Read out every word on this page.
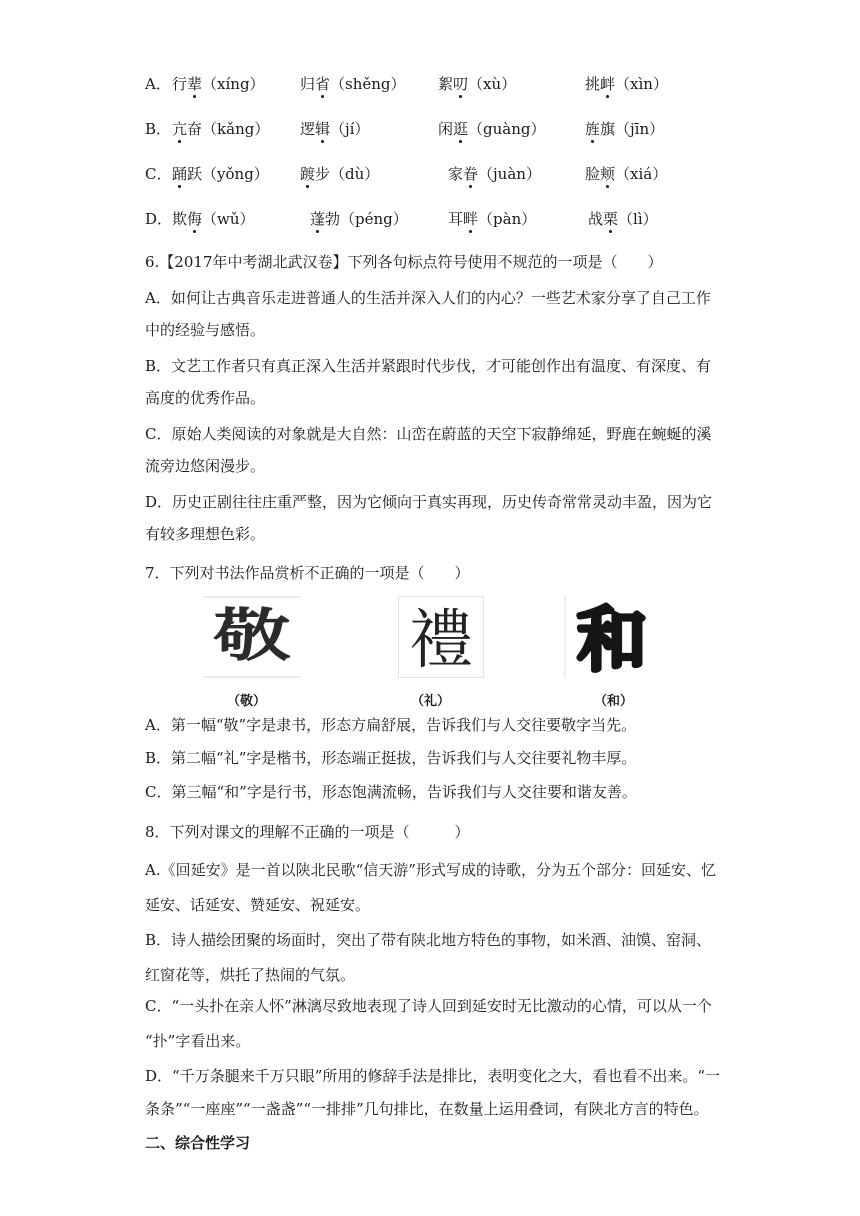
A． 行辈（xíng） 归省（shěng） 絮叨（xù）	挑衅（xìn）
B． 亢奋（kǎng） 逻辑（jí）	闲逛（guàng）	旌旗（jīn）
C． 踊跃（yǒng） 踱步（dù）	家眷（juàn）	脸颊（xiá）
D． 欺侮（wǔ）	蓬勃（péng）	耳畔（pàn）	战栗（lì）
6.【2017年中考湖北武汉卷】下列各句标点符号使用不规范的一项是（　　）
A．如何让古典音乐走进普通人的生活并深入人们的内心？一些艺术家分享了自己工作
中的经验与感悟。
B．文艺工作者只有真正深入生活并紧跟时代步伐，才可能创作出有温度、有深度、有
高度的优秀作品。
C．原始人类阅读的对象就是大自然：山峦在蔚蓝的天空下寂静绵延，野鹿在蜿蜒的溪
流旁边悠闲漫步。
D．历史正剧往往庄重严整，因为它倾向于真实再现，历史传奇常常灵动丰盈，因为它
有较多理想色彩。
7．下列对书法作品赏析不正确的一项是（　　）
敬 禮 和
（敬）	（礼）	（和）
A．第一幅“敬”字是隶书，形态方扁舒展，告诉我们与人交往要敬字当先。
B．第二幅“礼”字是楷书，形态端正挺拔，告诉我们与人交往要礼物丰厚。
C．第三幅“和”字是行书，形态饱满流畅，告诉我们与人交往要和谐友善。
8．下列对课文的理解不正确的一项是（　　　）
A.《回延安》是一首以陕北民歌“信天游”形式写成的诗歌，分为五个部分：回延安、忆
延安、话延安、赞延安、祝延安。
B．诗人描绘团聚的场面时，突出了带有陕北地方特色的事物，如米酒、油馍、窑洞、
红窗花等，烘托了热闹的气氛。
C．“一头扑在亲人怀”淋漓尽致地表现了诗人回到延安时无比激动的心情，可以从一个
“扑”字看出来。
D．“千万条腿来千万只眼”所用的修辞手法是排比，表明变化之大，看也看不出来。“一
条条”“一座座”“一盏盏”“一排排”几句排比，在数量上运用叠词，有陕北方言的特色。
二、综合性学习
